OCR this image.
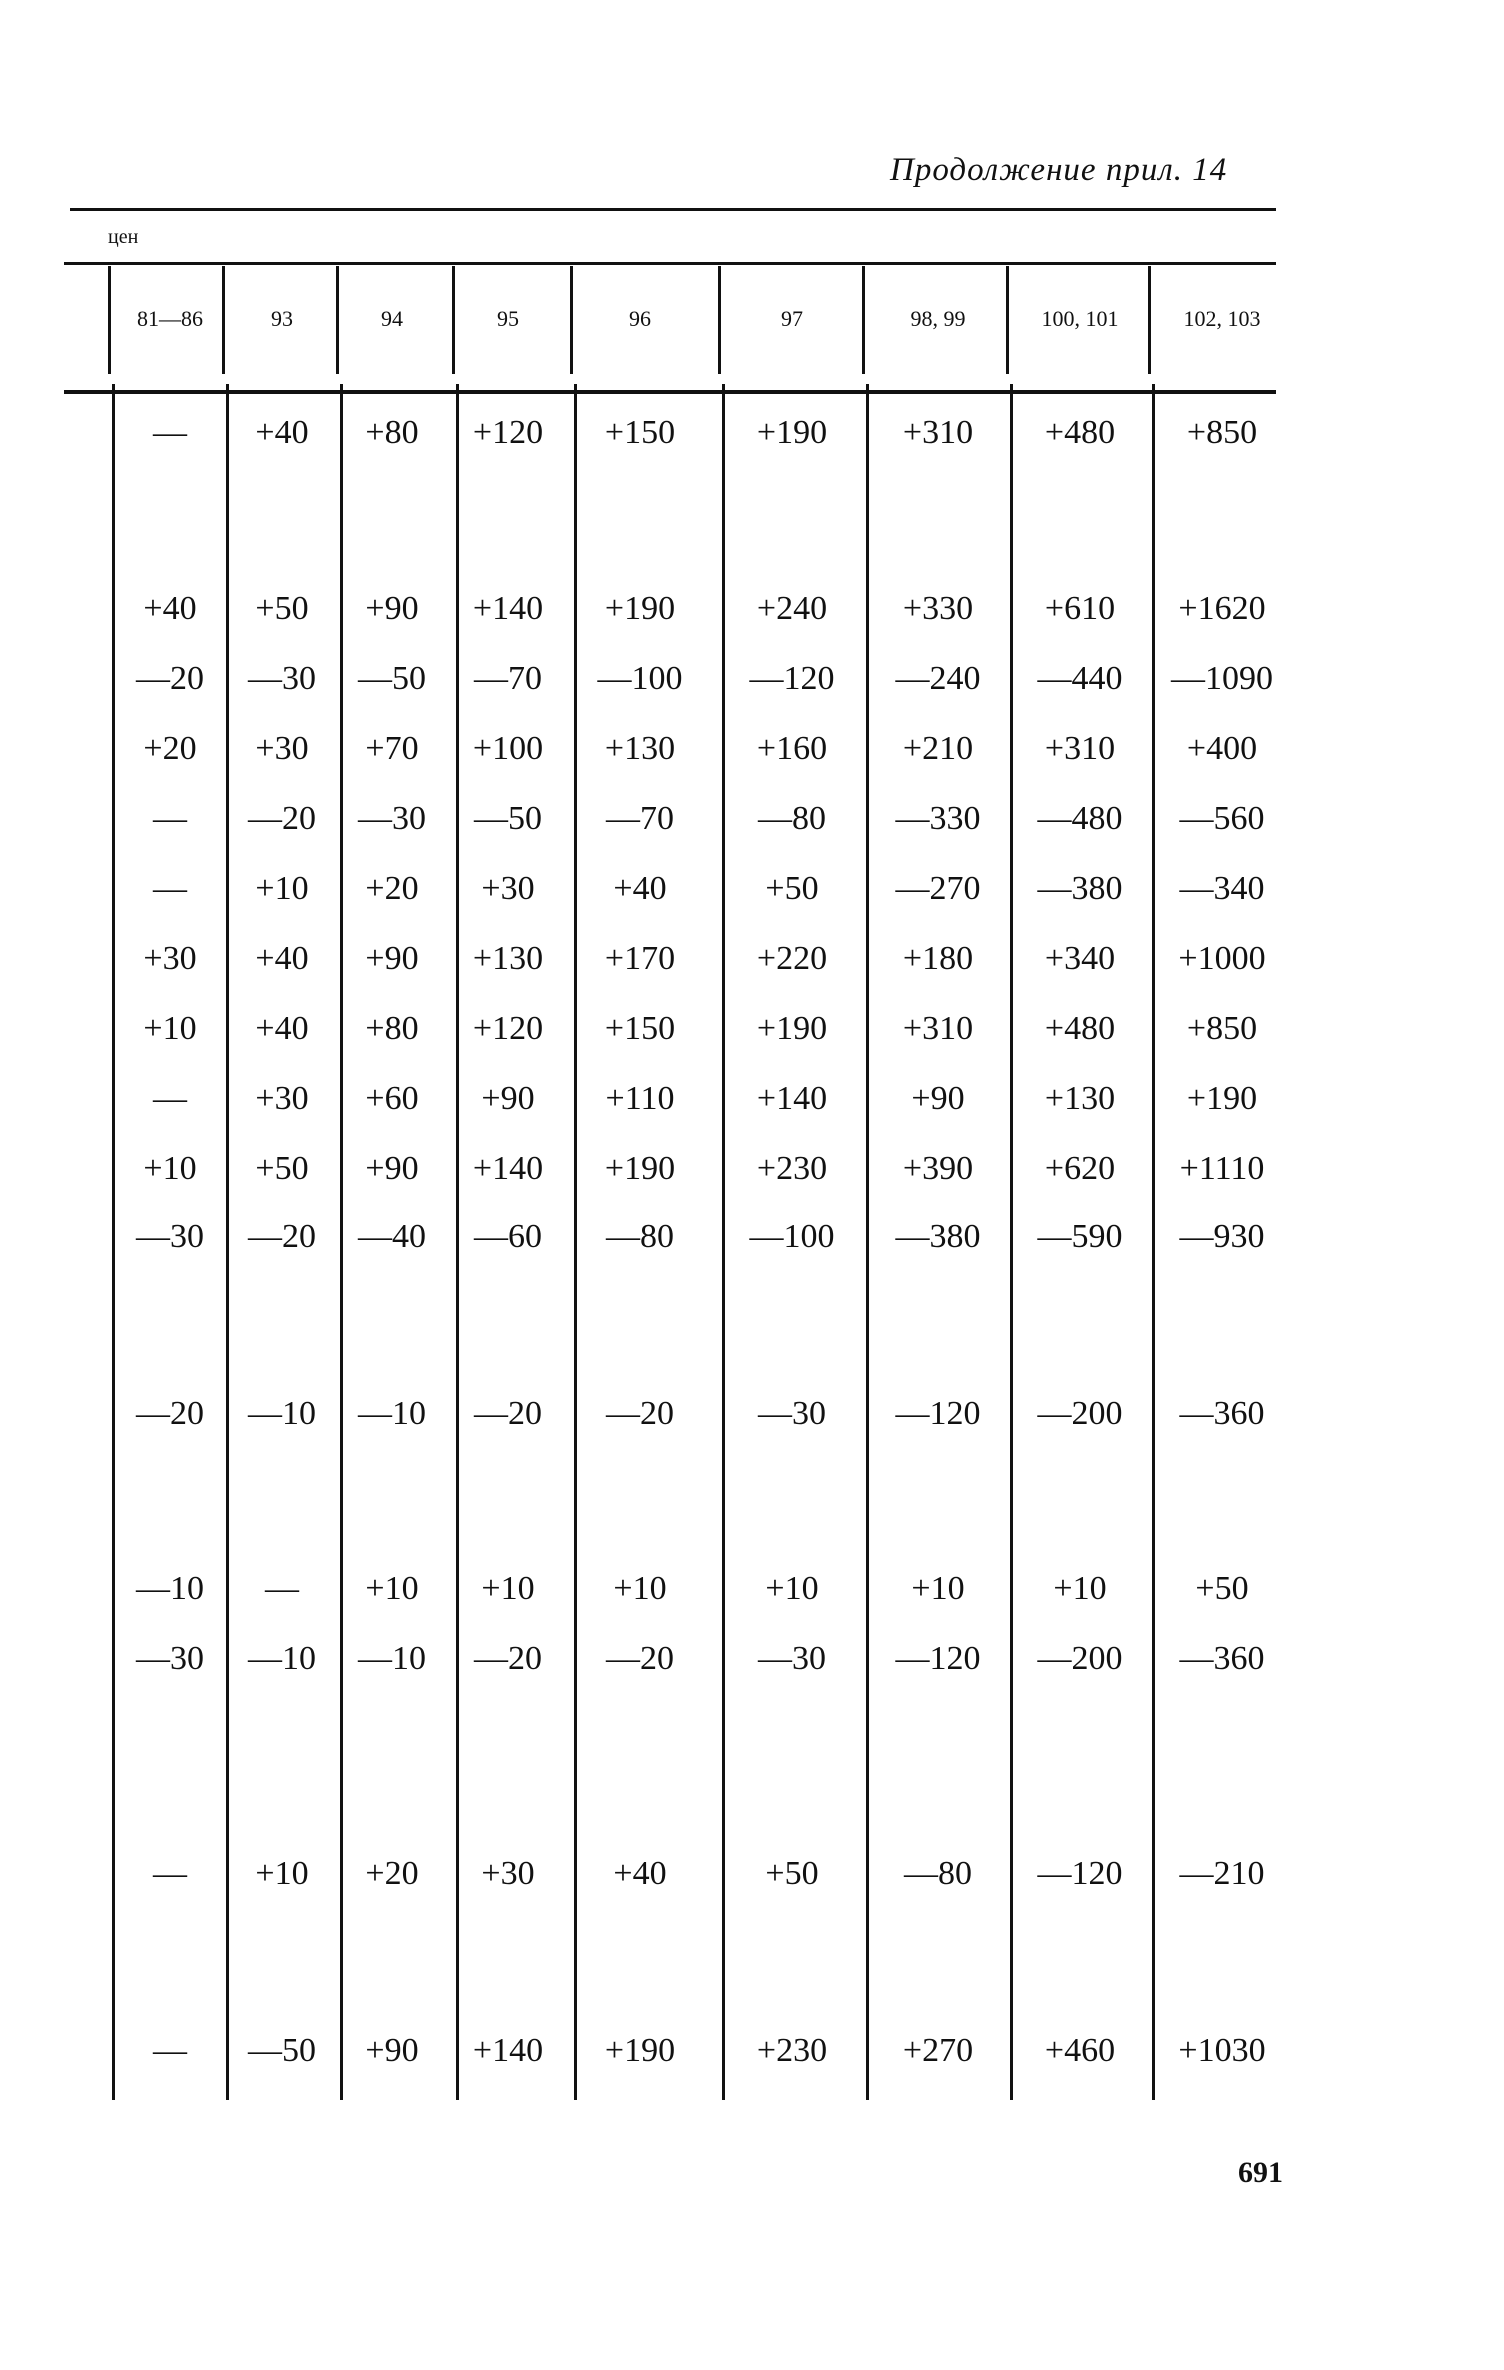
Продолжение прил. 14
цен
81—86	93	94	95	96	97	98, 99	100, 101	102, 103
— +40 +80 +120 +150 +190 +310 +480 +850
+40 +50 +90 +140 +190 +240 +330 +610 +1620
—20 —30 —50 —70 —100 —120 —240 —440 —1090
+20 +30 +70 +100 +130 +160 +210 +310 +400
— —20 —30 —50 —70 —80 —330 —480 —560
— +10 +20 +30 +40	+50 —270 —380 —340
+30 +40 +90 +130 +170 +220 +180 +340 +1000
+10 +40 +80 +120 +150 +190 +310 +480 +850
— +30 +60 +90 +110 +140 +90 +130 +190
+10 +50 +90 +140 +190 +230 +390 +620 +1110
—30 —20 —40 —60 —80 —100 —380 —590 —930
—20 —10 —10 —20 —20 —30 —120 —200 —360
—10 — +10 +10 +10	+10	+10	+10	+50
—30 —10 —10 —20 —20 —30 —120 —200 —360
— +10 +20 +30 +40	+50	—80 —120 —210
— —50 +90 +140 +190 +230 +270 +460 +1030
691
